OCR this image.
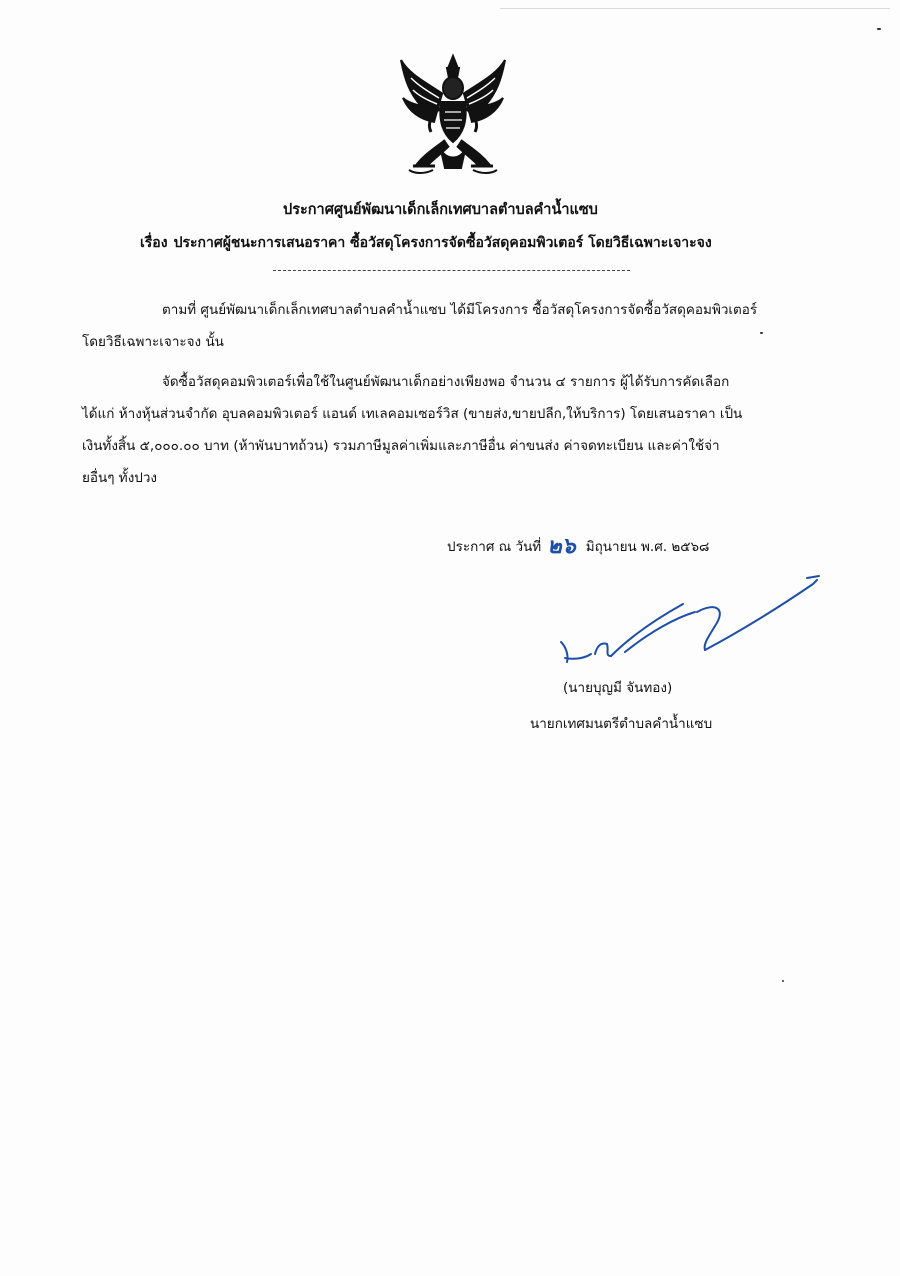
ประกาศศูนย์พัฒนาเด็กเล็กเทศบาลตำบลคำน้ำแซบ
เรื่อง ประกาศผู้ชนะการเสนอราคา ซื้อวัสดุโครงการจัดซื้อวัสดุคอมพิวเตอร์ โดยวิธีเฉพาะเจาะจง
ตามที่ ศูนย์พัฒนาเด็กเล็กเทศบาลตำบลคำน้ำแซบ ได้มีโครงการ ซื้อวัสดุโครงการจัดซื้อวัสดุคอมพิวเตอร์
โดยวิธีเฉพาะเจาะจง นั้น
จัดซื้อวัสดุคอมพิวเตอร์เพื่อใช้ในศูนย์พัฒนาเด็กอย่างเพียงพอ จำนวน ๔ รายการ ผู้ได้รับการคัดเลือก
ได้แก่ ห้างหุ้นส่วนจำกัด อุบลคอมพิวเตอร์ แอนด์ เทเลคอมเซอร์วิส (ขายส่ง,ขายปลีก,ให้บริการ) โดยเสนอราคา เป็น
เงินทั้งสิ้น ๕,๐๐๐.๐๐ บาท (ห้าพันบาทถ้วน) รวมภาษีมูลค่าเพิ่มและภาษีอื่น ค่าขนส่ง ค่าจดทะเบียน และค่าใช้จ่า
ยอื่นๆ ทั้งปวง
ประกาศ ณ วันที่ ๒๖ มิถุนายน พ.ศ. ๒๕๖๘
(นายบุญมี จันทอง)
นายกเทศมนตรีตำบลคำน้ำแซบ
